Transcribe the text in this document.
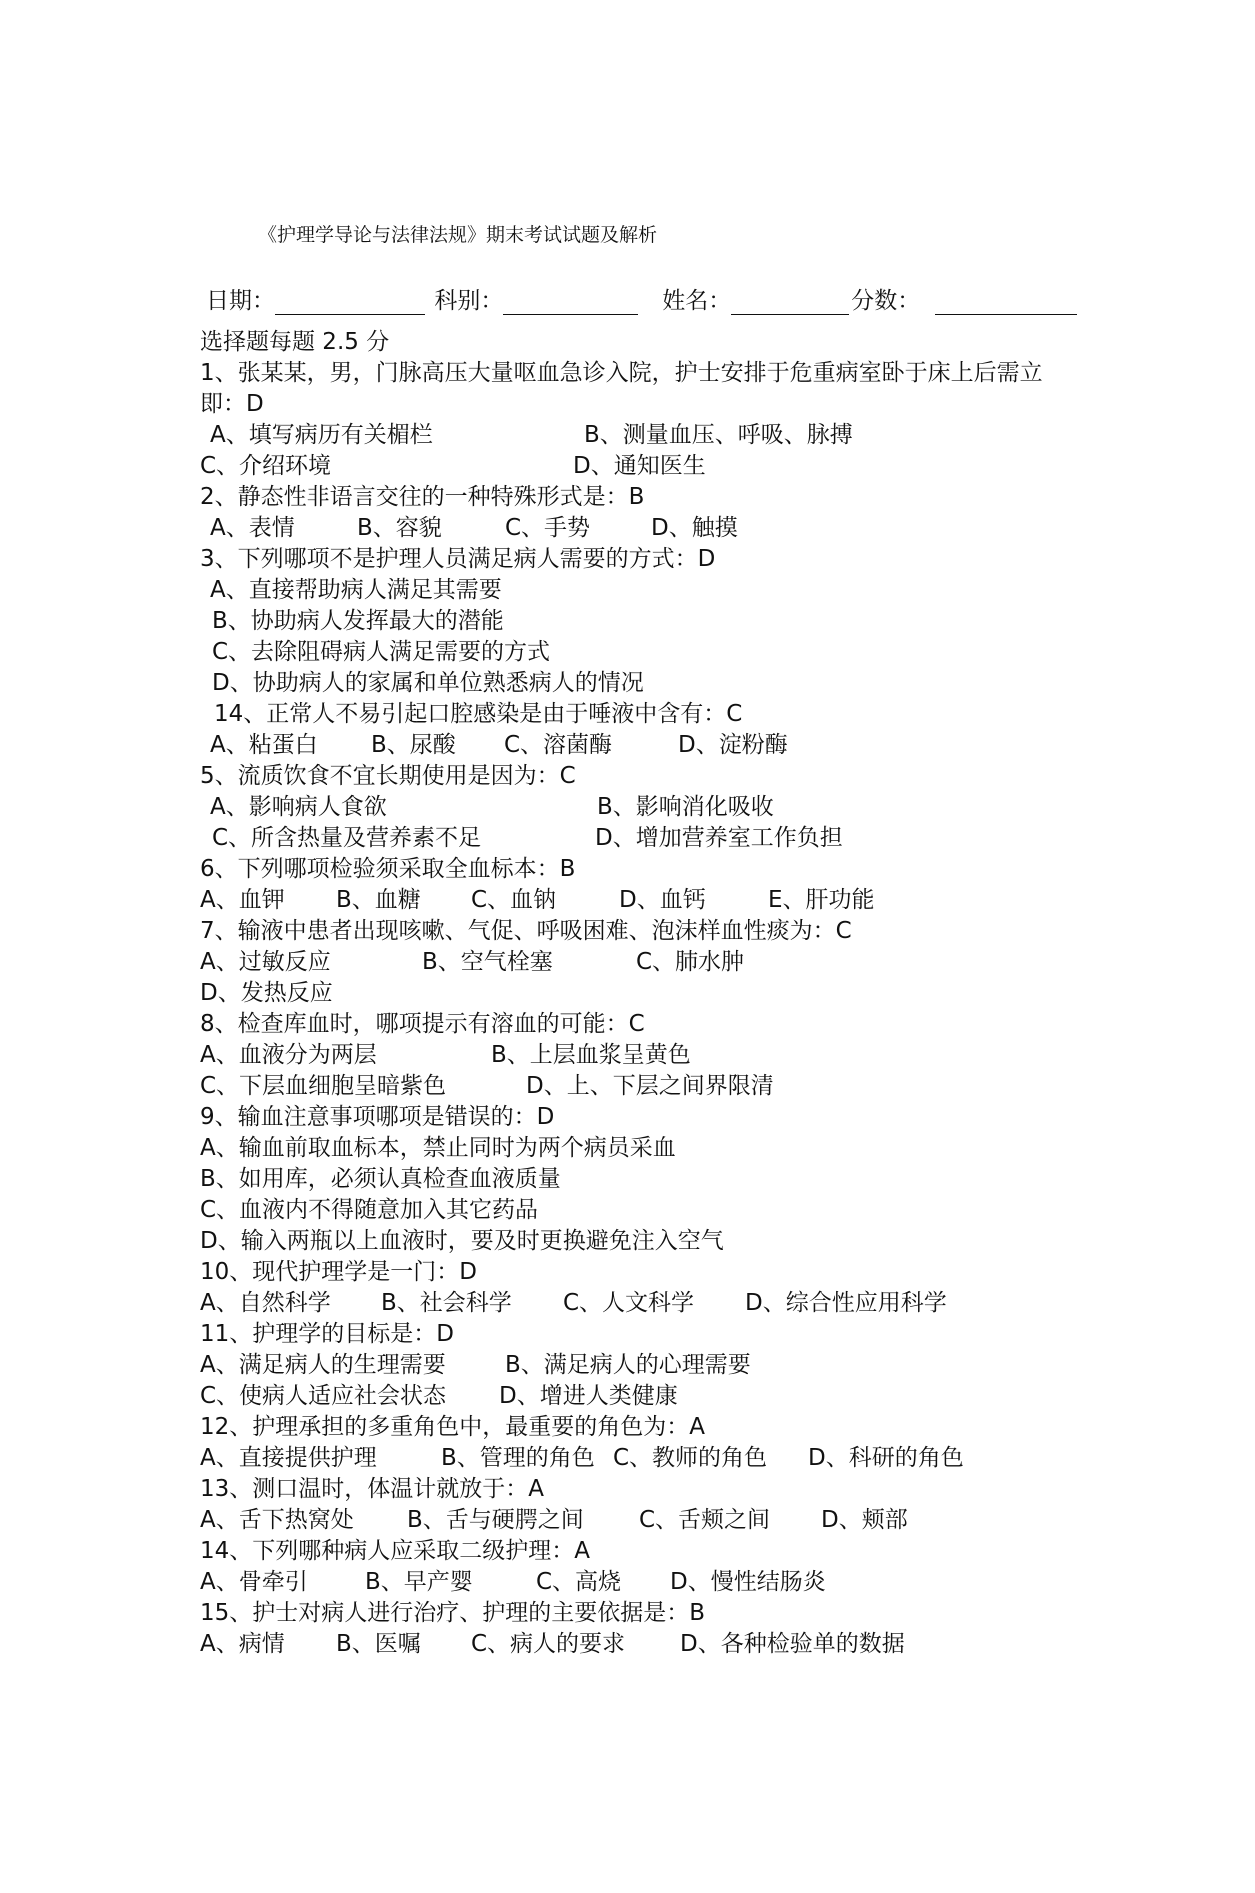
《护理学导论与法律法规》期末考试试题及解析
日期：	科别：	姓名：	分数：
选择题每题 2.5 分
1、张某某，男，门脉高压大量呕血急诊入院，护士安排于危重病室卧于床上后需立
即：D
A、填写病历有关楣栏	B、测量血压、呼吸、脉搏
C、介绍环境	D、通知医生
2、静态性非语言交往的一种特殊形式是：B
A、表情	B、容貌	C、手势	D、触摸
3、下列哪项不是护理人员满足病人需要的方式：D
A、直接帮助病人满足其需要
B、协助病人发挥最大的潜能
C、去除阻碍病人满足需要的方式
D、协助病人的家属和单位熟悉病人的情况
14、正常人不易引起口腔感染是由于唾液中含有：C
A、粘蛋白 B、尿酸 C、溶菌酶	D、淀粉酶
5、流质饮食不宜长期使用是因为：C
A、影响病人食欲	B、影响消化吸收
C、所含热量及营养素不足	D、增加营养室工作负担
6、下列哪项检验须采取全血标本：B
A、血钾 B、血糖 C、血钠	D、血钙	E、肝功能
7、输液中患者出现咳嗽、气促、呼吸困难、泡沫样血性痰为：C
A、过敏反应	B、空气栓塞	C、肺水肿
D、发热反应
8、检查库血时，哪项提示有溶血的可能：C
A、血液分为两层	B、上层血浆呈黄色
C、下层血细胞呈暗紫色	D、上、下层之间界限清
9、输血注意事项哪项是错误的：D
A、输血前取血标本，禁止同时为两个病员采血
B、如用库，必须认真检查血液质量
C、血液内不得随意加入其它药品
D、输入两瓶以上血液时，要及时更换避免注入空气
10、现代护理学是一门：D
A、自然科学 B、社会科学 C、人文科学 D、综合性应用科学
11、护理学的目标是：D
A、满足病人的生理需要	B、满足病人的心理需要
C、使病人适应社会状态 D、增进人类健康
12、护理承担的多重角色中，最重要的角色为：A
A、直接提供护理	B、管理的角色 C、教师的角色 D、科研的角色
13、测口温时，体温计就放于：A
A、舌下热窝处 B、舌与硬腭之间 C、舌颊之间 D、颊部
14、下列哪种病人应采取二级护理：A
A、骨牵引 B、早产婴	C、高烧 D、慢性结肠炎
15、护士对病人进行治疗、护理的主要依据是：B
A、病情 B、医嘱 C、病人的要求 D、各种检验单的数据
